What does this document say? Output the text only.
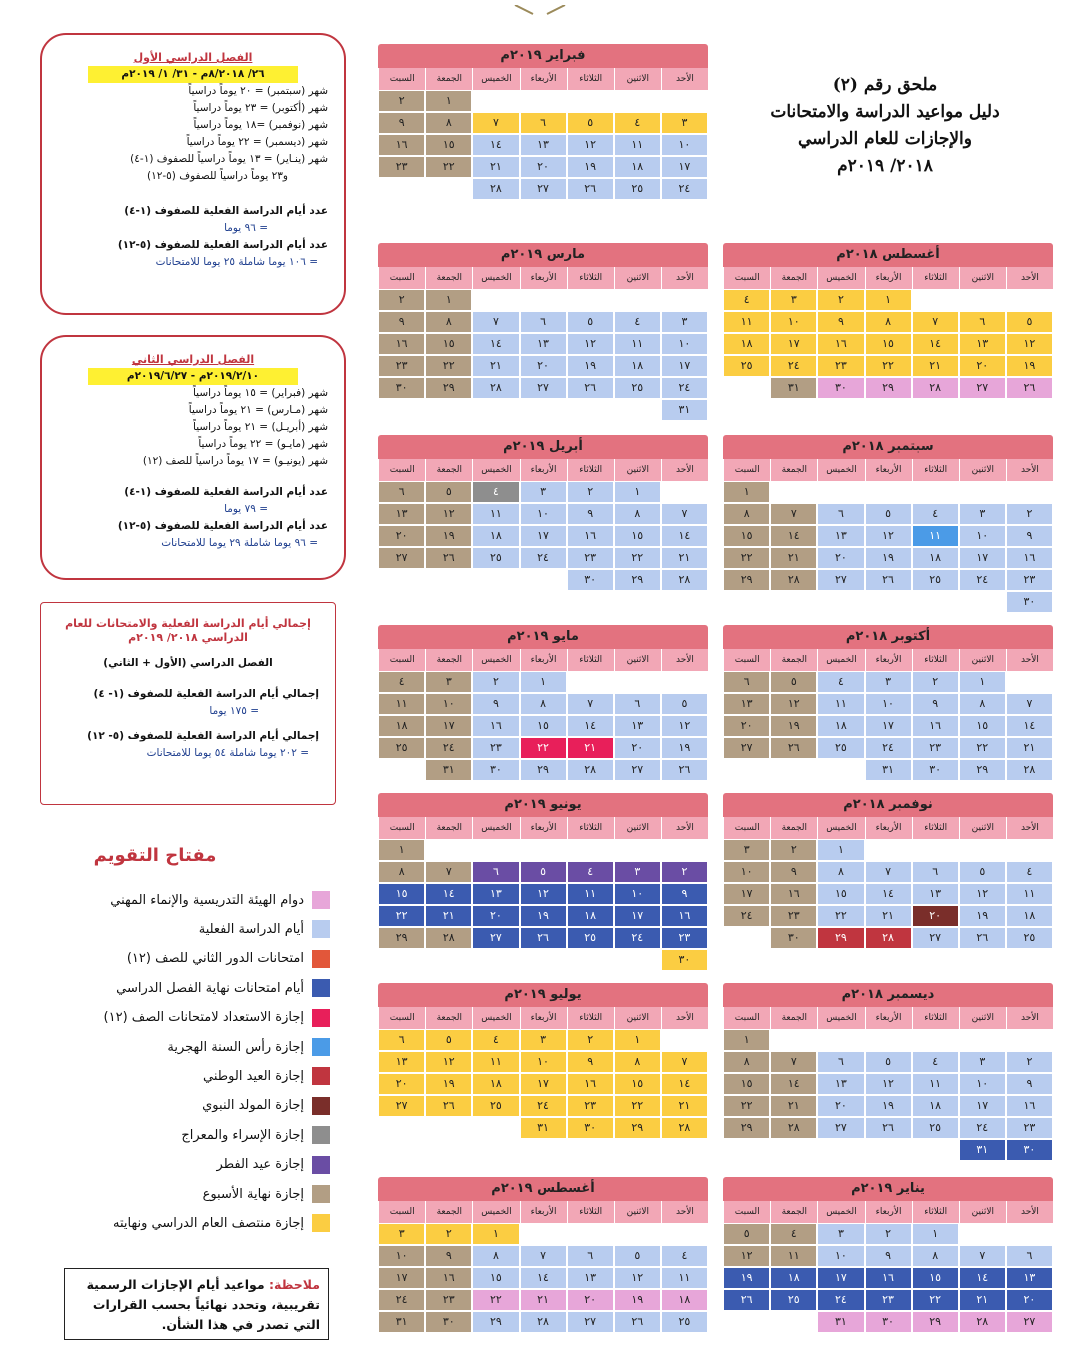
ملحق رقم (٢)
دليل مواعيد الدراسة والامتحانات
والإجازات للعام الدراسي
٢٠١٨/ ٢٠١٩م
الفصل الدراسي الأول
٢٦/ ٨/٢٠١٨م - ٣١/ ١/ ٢٠١٩م
شهر (سبتمبر) = ٢٠ يوماً دراسياً
شهر (أكتوبر) = ٢٣ يوماً دراسياً
شهر (نوفمبر) =١٨ يوماً دراسياً
شهر (ديسمبر) = ٢٢ يوماً دراسياً
شهر (ينـاير) = ١٣ يوماً دراسياً للصفوف (١-٤)
و٢٣ يوماً دراسياً للصفوف (٥-١٢)
عدد أيام الدراسة الفعلية للصفوف (١-٤)
= ٩٦ يوما
عدد أيام الدراسة الفعلية للصفوف (٥-١٢)
= ١٠٦ يوما شاملة ٢٥ يوما للامتحانات
الفصل الدراسي الثاني
٢٠١٩/٢/١٠م - ٢٠١٩/٦/٢٧م
شهر (فبراير) = ١٥ يوماً دراسياً
شهر (مـارس) = ٢١ يوماً دراسياً
شهر (أبريـل) = ٢١ يوماً دراسياً
شهر (مايـو) = ٢٢ يوماً دراسياً
شهر (يونيـو) = ١٧ يوماً دراسياً للصف (١٢)
عدد أيام الدراسة الفعلية للصفوف (١-٤)
= ٧٩ يوما
عدد أيام الدراسة الفعلية للصفوف (٥-١٢)
= ٩٦ يوما شاملة ٢٩ يوما للامتحانات
إجمالي أيام الدراسة الفعلية والامتحانات للعام الدراسي ٢٠١٨/ ٢٠١٩م
الفصل الدراسي (الأول + الثاني)
إجمالي أيام الدراسة الفعلية للصفوف (١- ٤)
= ١٧٥ يوما
إجمالي أيام الدراسة الفعلية للصفوف (٥- ١٢)
= ٢٠٢ يوما شاملة ٥٤ يوما للامتحانات
مفتاح التقويم
دوام الهيئة التدريسية والإنماء المهني
أيام الدراسة الفعلية
امتحانات الدور الثاني للصف (١٢)
أيام امتحانات نهاية الفصل الدراسي
إجازة الاستعداد لامتحانات الصف (١٢)
إجازة رأس السنة الهجرية
إجازة العيد الوطني
إجازة المولد النبوي
إجازة الإسراء والمعراج
إجازة عيد الفطر
إجازة نهاية الأسبوع
إجازة منتصف العام الدراسي ونهايته
ملاحظة: مواعيد أيام الإجازات الرسمية تقريبية، وتحدد نهائياً بحسب القرارات التي تصدر في هذا الشأن.
فبراير ٢٠١٩م
الأحد
الاثنين
الثلاثاء
الأربعاء
الخميس
الجمعة
السبت
١
٢
٣
٤
٥
٦
٧
٨
٩
١٠
١١
١٢
١٣
١٤
١٥
١٦
١٧
١٨
١٩
٢٠
٢١
٢٢
٢٣
٢٤
٢٥
٢٦
٢٧
٢٨
أغسطس ٢٠١٨م
الأحد
الاثنين
الثلاثاء
الأربعاء
الخميس
الجمعة
السبت
١
٢
٣
٤
٥
٦
٧
٨
٩
١٠
١١
١٢
١٣
١٤
١٥
١٦
١٧
١٨
١٩
٢٠
٢١
٢٢
٢٣
٢٤
٢٥
٢٦
٢٧
٢٨
٢٩
٣٠
٣١
مارس ٢٠١٩م
الأحد
الاثنين
الثلاثاء
الأربعاء
الخميس
الجمعة
السبت
١
٢
٣
٤
٥
٦
٧
٨
٩
١٠
١١
١٢
١٣
١٤
١٥
١٦
١٧
١٨
١٩
٢٠
٢١
٢٢
٢٣
٢٤
٢٥
٢٦
٢٧
٢٨
٢٩
٣٠
٣١
سبتمبر ٢٠١٨م
الأحد
الاثنين
الثلاثاء
الأربعاء
الخميس
الجمعة
السبت
١
٢
٣
٤
٥
٦
٧
٨
٩
١٠
١١
١٢
١٣
١٤
١٥
١٦
١٧
١٨
١٩
٢٠
٢١
٢٢
٢٣
٢٤
٢٥
٢٦
٢٧
٢٨
٢٩
٣٠
أبريل ٢٠١٩م
الأحد
الاثنين
الثلاثاء
الأربعاء
الخميس
الجمعة
السبت
١
٢
٣
٤
٥
٦
٧
٨
٩
١٠
١١
١٢
١٣
١٤
١٥
١٦
١٧
١٨
١٩
٢٠
٢١
٢٢
٢٣
٢٤
٢٥
٢٦
٢٧
٢٨
٢٩
٣٠
أكتوبر ٢٠١٨م
الأحد
الاثنين
الثلاثاء
الأربعاء
الخميس
الجمعة
السبت
١
٢
٣
٤
٥
٦
٧
٨
٩
١٠
١١
١٢
١٣
١٤
١٥
١٦
١٧
١٨
١٩
٢٠
٢١
٢٢
٢٣
٢٤
٢٥
٢٦
٢٧
٢٨
٢٩
٣٠
٣١
مايو ٢٠١٩م
الأحد
الاثنين
الثلاثاء
الأربعاء
الخميس
الجمعة
السبت
١
٢
٣
٤
٥
٦
٧
٨
٩
١٠
١١
١٢
١٣
١٤
١٥
١٦
١٧
١٨
١٩
٢٠
٢١
٢٢
٢٣
٢٤
٢٥
٢٦
٢٧
٢٨
٢٩
٣٠
٣١
نوفمبر ٢٠١٨م
الأحد
الاثنين
الثلاثاء
الأربعاء
الخميس
الجمعة
السبت
١
٢
٣
٤
٥
٦
٧
٨
٩
١٠
١١
١٢
١٣
١٤
١٥
١٦
١٧
١٨
١٩
٢٠
٢١
٢٢
٢٣
٢٤
٢٥
٢٦
٢٧
٢٨
٢٩
٣٠
يونيو ٢٠١٩م
الأحد
الاثنين
الثلاثاء
الأربعاء
الخميس
الجمعة
السبت
١
٢
٣
٤
٥
٦
٧
٨
٩
١٠
١١
١٢
١٣
١٤
١٥
١٦
١٧
١٨
١٩
٢٠
٢١
٢٢
٢٣
٢٤
٢٥
٢٦
٢٧
٢٨
٢٩
٣٠
ديسمبر ٢٠١٨م
الأحد
الاثنين
الثلاثاء
الأربعاء
الخميس
الجمعة
السبت
١
٢
٣
٤
٥
٦
٧
٨
٩
١٠
١١
١٢
١٣
١٤
١٥
١٦
١٧
١٨
١٩
٢٠
٢١
٢٢
٢٣
٢٤
٢٥
٢٦
٢٧
٢٨
٢٩
٣٠
٣١
يوليو ٢٠١٩م
الأحد
الاثنين
الثلاثاء
الأربعاء
الخميس
الجمعة
السبت
١
٢
٣
٤
٥
٦
٧
٨
٩
١٠
١١
١٢
١٣
١٤
١٥
١٦
١٧
١٨
١٩
٢٠
٢١
٢٢
٢٣
٢٤
٢٥
٢٦
٢٧
٢٨
٢٩
٣٠
٣١
يناير ٢٠١٩م
الأحد
الاثنين
الثلاثاء
الأربعاء
الخميس
الجمعة
السبت
١
٢
٣
٤
٥
٦
٧
٨
٩
١٠
١١
١٢
١٣
١٤
١٥
١٦
١٧
١٨
١٩
٢٠
٢١
٢٢
٢٣
٢٤
٢٥
٢٦
٢٧
٢٨
٢٩
٣٠
٣١
أغسطس ٢٠١٩م
الأحد
الاثنين
الثلاثاء
الأربعاء
الخميس
الجمعة
السبت
١
٢
٣
٤
٥
٦
٧
٨
٩
١٠
١١
١٢
١٣
١٤
١٥
١٦
١٧
١٨
١٩
٢٠
٢١
٢٢
٢٣
٢٤
٢٥
٢٦
٢٧
٢٨
٢٩
٣٠
٣١
